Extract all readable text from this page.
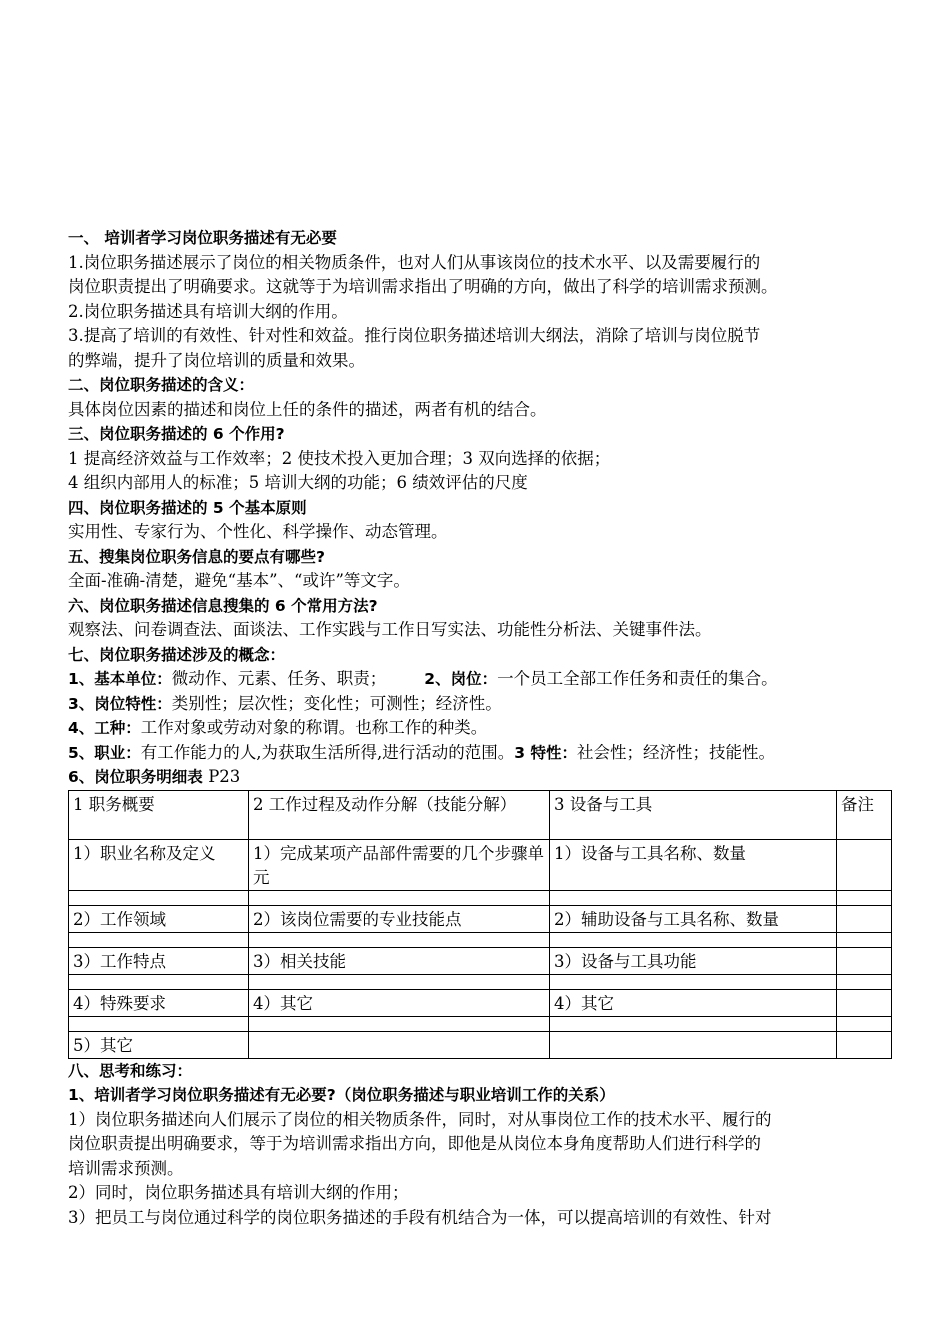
一、 培训者学习岗位职务描述有无必要
1.岗位职务描述展示了岗位的相关物质条件，也对人们从事该岗位的技术水平、以及需要履行的
岗位职责提出了明确要求。这就等于为培训需求指出了明确的方向，做出了科学的培训需求预测。
2.岗位职务描述具有培训大纲的作用。
3.提高了培训的有效性、针对性和效益。推行岗位职务描述培训大纲法，消除了培训与岗位脱节
的弊端，提升了岗位培训的质量和效果。
二、岗位职务描述的含义：
具体岗位因素的描述和岗位上任的条件的描述，两者有机的结合。
三、岗位职务描述的 6 个作用?
1 提高经济效益与工作效率；2 使技术投入更加合理；3 双向选择的依据；
4 组织内部用人的标准；5 培训大纲的功能；6 绩效评估的尺度
四、岗位职务描述的 5 个基本原则
实用性、专家行为、个性化、科学操作、动态管理。
五、搜集岗位职务信息的要点有哪些?
全面-准确-清楚，避免“基本”、“或许”等文字。
六、岗位职务描述信息搜集的 6 个常用方法?
观察法、问卷调查法、面谈法、工作实践与工作日写实法、功能性分析法、关键事件法。
七、岗位职务描述涉及的概念：
1、基本单位：微动作、元素、任务、职责； 2、岗位：一个员工全部工作任务和责任的集合。
3、岗位特性：类别性；层次性；变化性；可测性；经济性。
4、工种：工作对象或劳动对象的称谓。也称工作的种类。
5、职业：有工作能力的人,为获取生活所得,进行活动的范围。3 特性：社会性；经济性；技能性。
6、岗位职务明细表 P23
1 职务概要	2 工作过程及动作分解（技能分解）	3 设备与工具	备注
1）职业名称及定义	1）完成某项产品部件需要的几个步骤单元	1）设备与工具名称、数量	

2）工作领域	2）该岗位需要的专业技能点	2）辅助设备与工具名称、数量	

3）工作特点	3）相关技能	3）设备与工具功能	

4）特殊要求	4）其它	4）其它	

5）其它			
八、思考和练习：
1、培训者学习岗位职务描述有无必要?（岗位职务描述与职业培训工作的关系）
1）岗位职务描述向人们展示了岗位的相关物质条件，同时，对从事岗位工作的技术水平、履行的
岗位职责提出明确要求，等于为培训需求指出方向，即他是从岗位本身角度帮助人们进行科学的
培训需求预测。
2）同时，岗位职务描述具有培训大纲的作用；
3）把员工与岗位通过科学的岗位职务描述的手段有机结合为一体，可以提高培训的有效性、针对
